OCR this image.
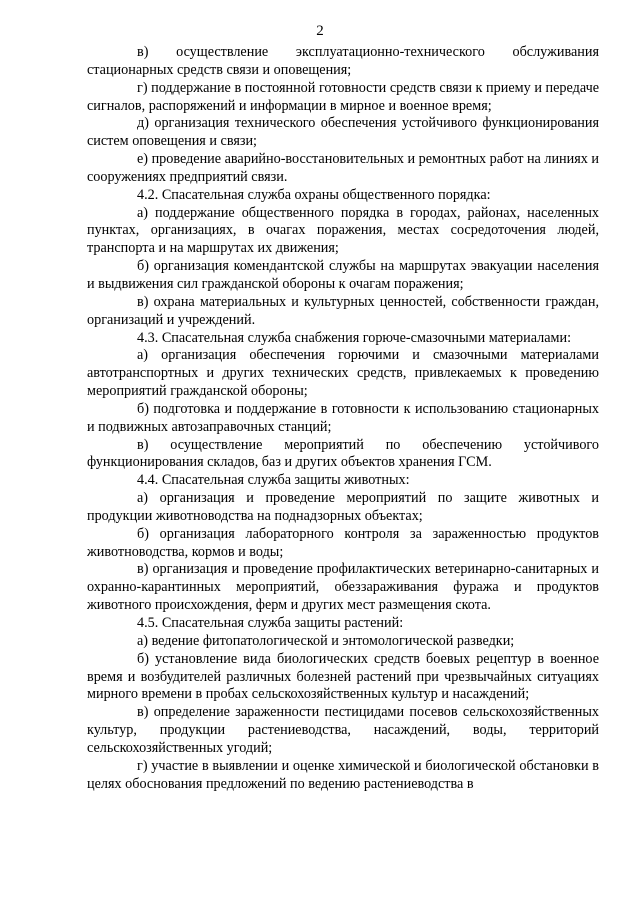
2

в) осуществление эксплуатационно-технического обслуживания стационарных средств связи и оповещения;

г) поддержание в постоянной готовности средств связи к приему и передаче сигналов, распоряжений и информации в мирное и военное время;

д) организация технического обеспечения устойчивого функционирования систем оповещения и связи;

е) проведение аварийно-восстановительных и ремонтных работ на линиях и сооружениях предприятий связи.

4.2. Спасательная служба охраны общественного порядка:

а) поддержание общественного порядка в городах, районах, населенных пунктах, организациях, в очагах поражения, местах сосредоточения людей, транспорта и на маршрутах их движения;

б) организация комендантской службы на маршрутах эвакуации населения и выдвижения сил гражданской обороны к очагам поражения;

в) охрана материальных и культурных ценностей, собственности граждан, организаций и учреждений.

4.3. Спасательная служба снабжения горюче-смазочными материалами:

а) организация обеспечения горючими и смазочными материалами автотранспортных и других технических средств, привлекаемых к проведению мероприятий гражданской обороны;

б) подготовка и поддержание в готовности к использованию стационарных и подвижных автозаправочных станций;

в) осуществление мероприятий по обеспечению устойчивого функционирования складов, баз и других объектов хранения ГСМ.

4.4. Спасательная служба защиты животных:

а) организация и проведение мероприятий по защите животных и продукции животноводства на поднадзорных объектах;

б) организация лабораторного контроля за зараженностью продуктов животноводства, кормов и воды;

в) организация и проведение профилактических ветеринарно-санитарных и охранно-карантинных мероприятий, обеззараживания фуража и продуктов животного происхождения, ферм и других мест размещения скота.

4.5. Спасательная служба защиты растений:

а) ведение фитопатологической и энтомологической разведки;

б) установление вида биологических средств боевых рецептур в военное время и возбудителей различных болезней растений при чрезвычайных ситуациях мирного времени в пробах сельскохозяйственных культур и насаждений;

в) определение зараженности пестицидами посевов сельскохозяйственных культур, продукции растениеводства, насаждений, воды, территорий сельскохозяйственных угодий;

г) участие в выявлении и оценке химической и биологической обстановки в целях обоснования предложений по ведению растениеводства в
